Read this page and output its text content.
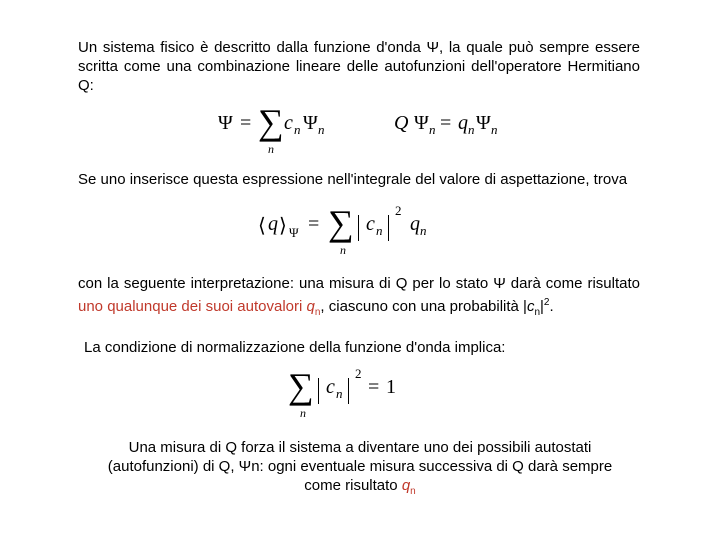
Un sistema fisico è descritto dalla funzione d'onda Ψ, la quale può sempre essere scritta come una combinazione lineare delle autofunzioni dell'operatore Hermitiano Q:
Ψ = ∑
n
c n Ψ n	Q Ψ n = q n Ψ n
Se uno inserisce questa espressione nell'integrale del valore di aspettazione, trova
⟨ q ⟩ Ψ = ∑
n
c n
2
q n
con la seguente interpretazione: una misura di Q per lo stato Ψ darà come risultato uno qualunque dei suoi autovalori $q_n$, ciascuno con una probabilità $|c_n|^2$.
La condizione di normalizzazione della funzione d'onda implica:
∑
n
c n
2
= 1
Una misura di Q forza il sistema a diventare uno dei possibili autostati
(autofunzioni) di Q, Ψn: ogni eventuale misura successiva di Q darà sempre
come risultato $q_n$
